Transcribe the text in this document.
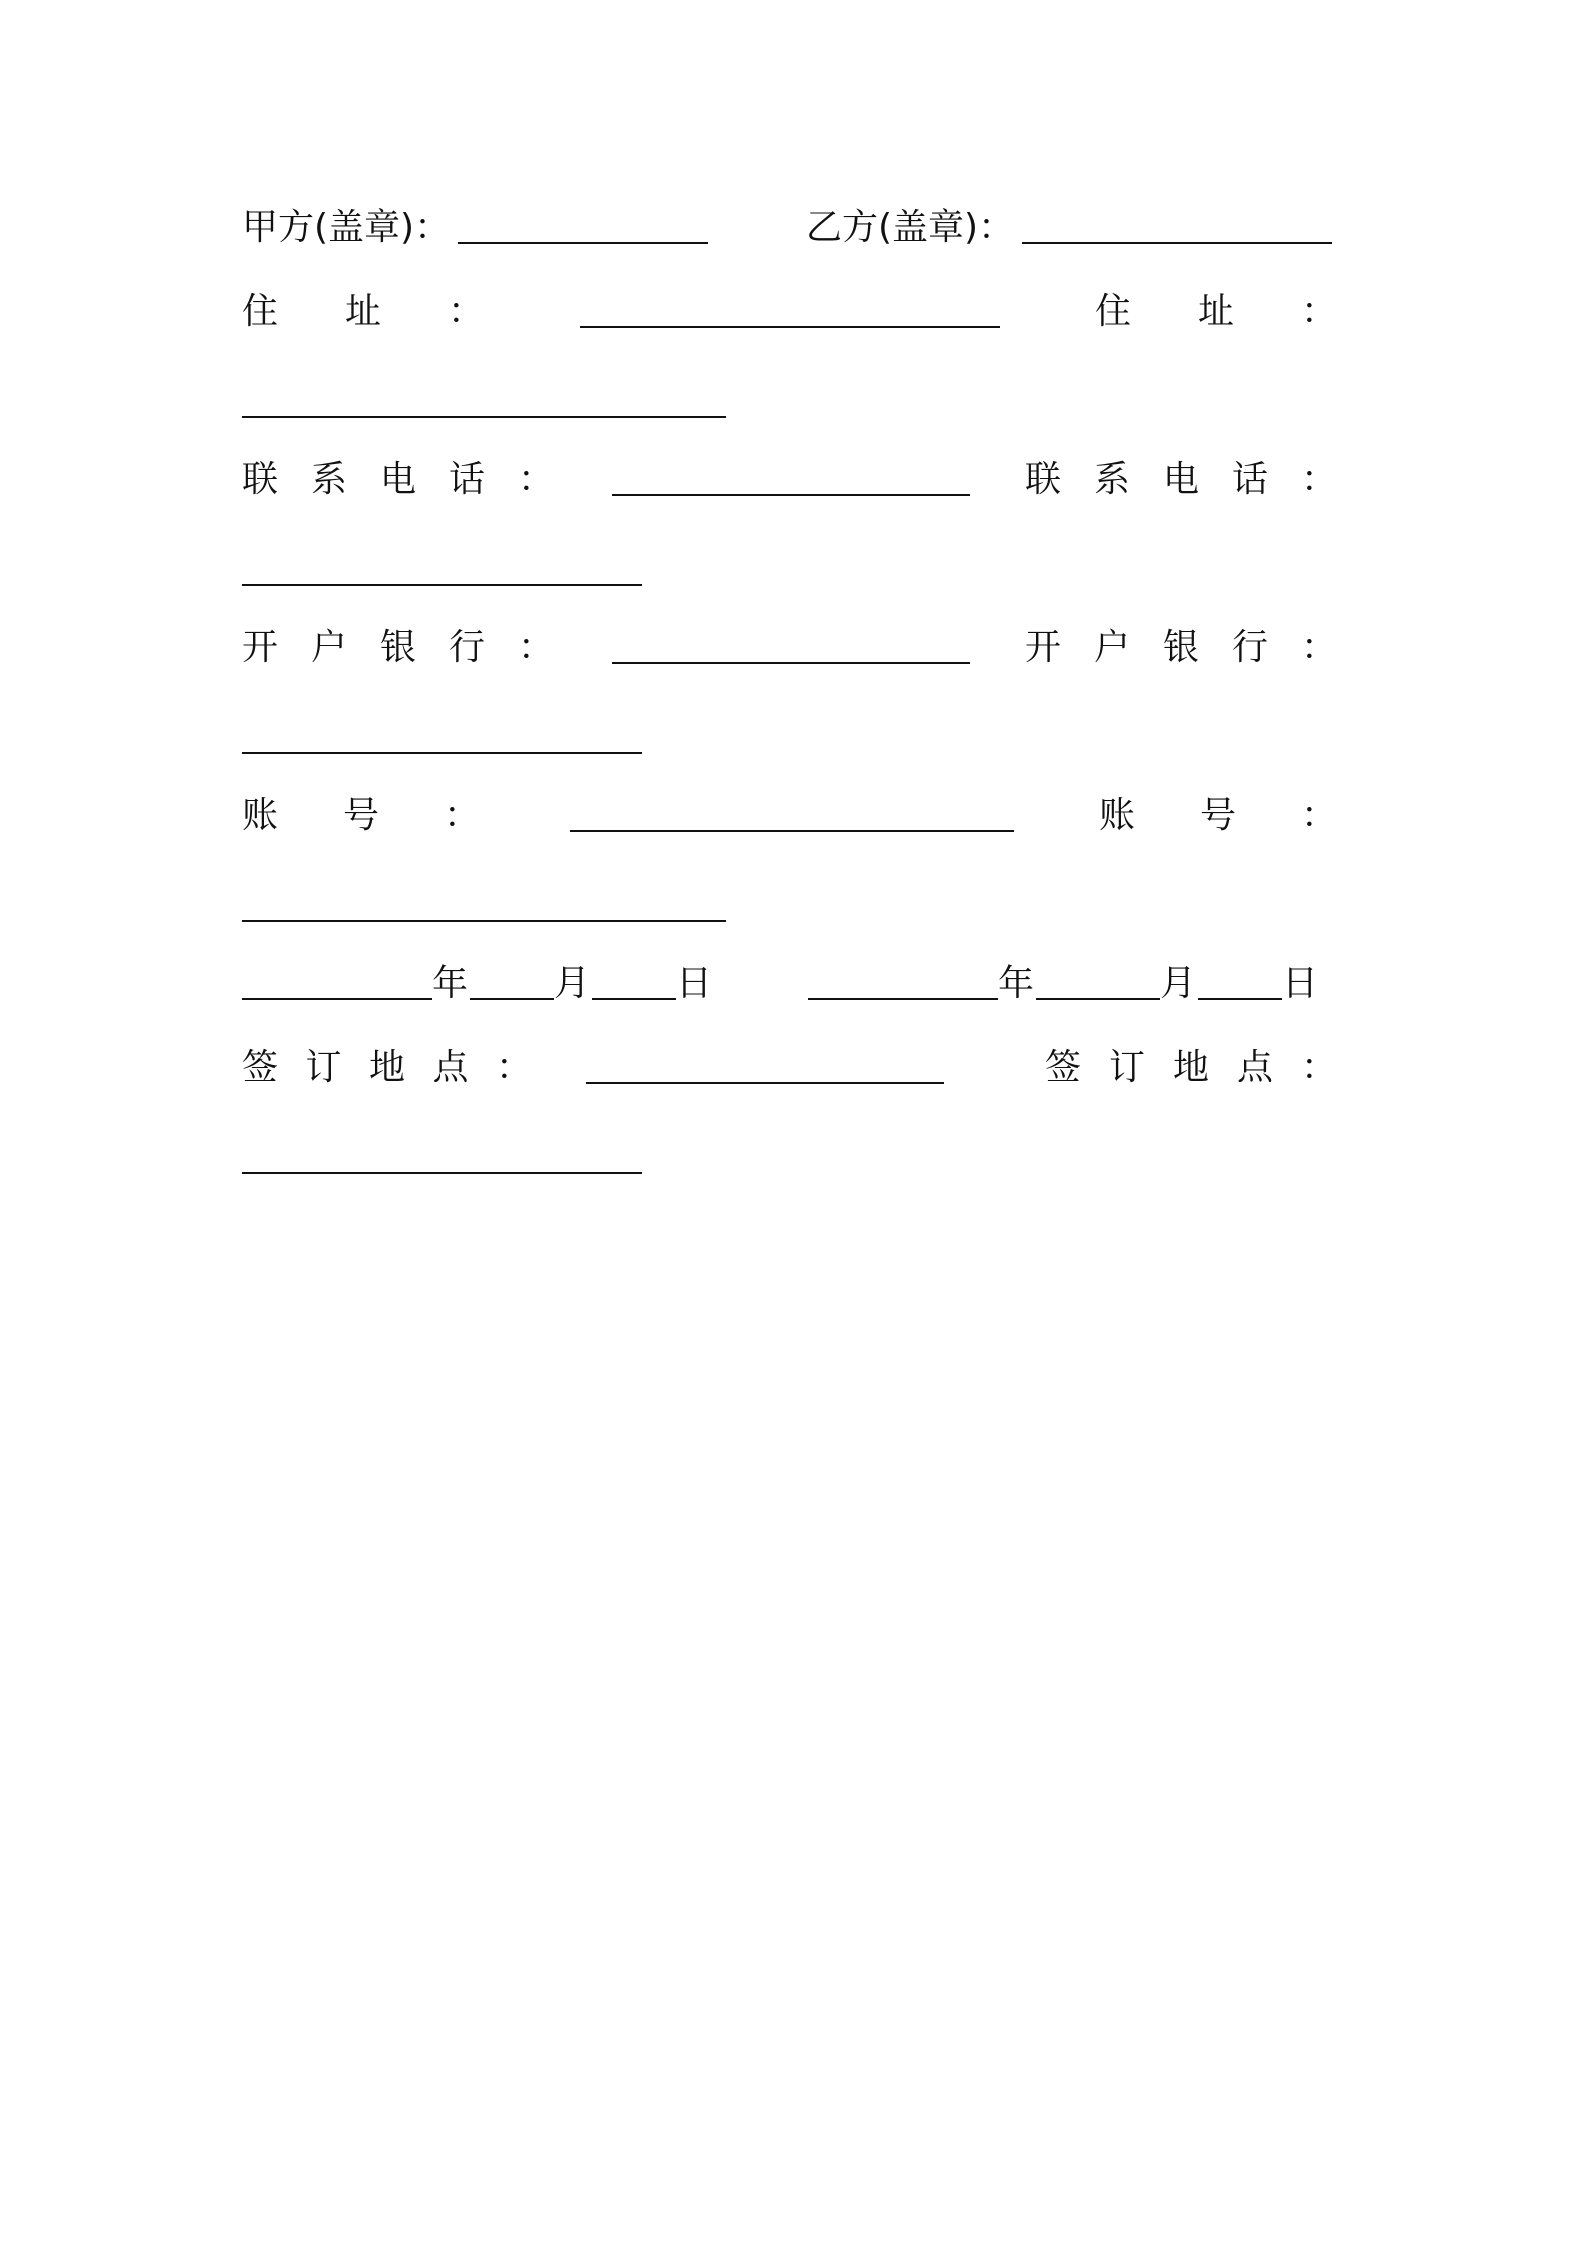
甲方(盖章)：	乙方(盖章)：
住 址 ：	住 址 ：
联 系 电 话 ：	联 系 电 话 ：
开 户 银 行 ：	开 户 银 行 ：
账 号 ：	账 号 ：
年 月 日	年	月 日
签 订 地 点 ：	签 订 地 点 ：
